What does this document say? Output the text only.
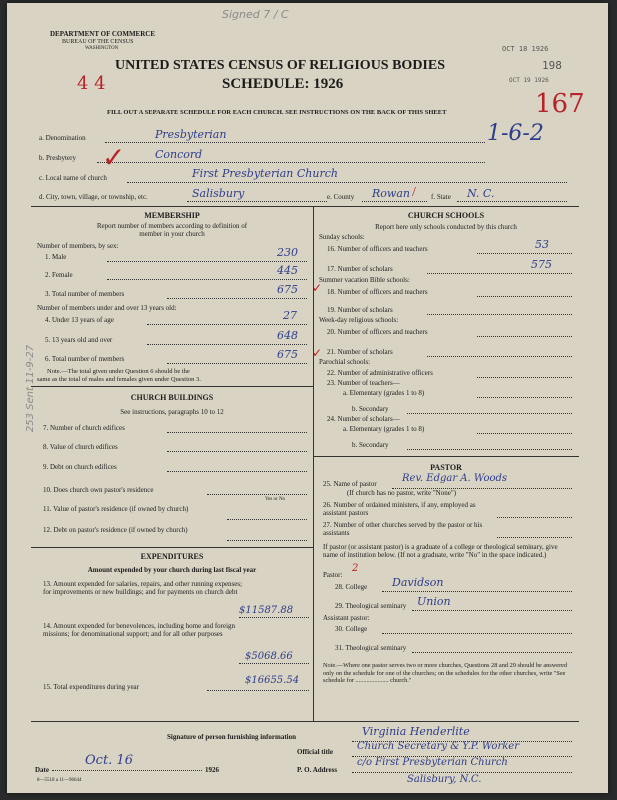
DEPARTMENT OF COMMERCE
BUREAU OF THE CENSUS
WASHINGTON
Signed 7 / C
OCT 18 1926
198
OCT 19 1926
UNITED STATES CENSUS OF RELIGIOUS BODIES
SCHEDULE: 1926
4 4
167
FILL OUT A SEPARATE SCHEDULE FOR EACH CHURCH. SEE INSTRUCTIONS ON THE BACK OF THIS SHEET
a. Denomination	Presbyterian	1-6-2
b. Presbytery	Concord
✓
c. Local name of church	First Presbyterian Church
d. City, town, village, or township, etc.	Salisbury	e. County Rowan / f. State N. C.
253 Sent 11-9-27
MEMBERSHIP
Report number of members according to definition of
member in your church
Number of members, by sex:
1. Male	230
2. Female	445
3. Total number of members	675 ✓
Number of members under and over 13 years old:
4. Under 13 years of age	27
5. 13 years old and over	648
6. Total number of members	675 ✓
Note.—The total given under Question 6 should be the
same as the total of males and females given under Question 3.
CHURCH BUILDINGS
See instructions, paragraphs 10 to 12
7. Number of church edifices
8. Value of church edifices
9. Debt on church edifices
10. Does church own pastor's residence
Yes or No
11. Value of pastor's residence (if owned by church)
12. Debt on pastor's residence (if owned by church)
EXPENDITURES
Amount expended by your church during last fiscal year
13. Amount expended for salaries, repairs, and other running expenses; for improvements or new buildings; and for payments on church debt
$11587.88
14. Amount expended for benevolences, including home and foreign missions; for denominational support; and for all other purposes
$5068.66
15. Total expenditures during year
$16655.54
CHURCH SCHOOLS
Report here only schools conducted by this church
Sunday schools:
16. Number of officers and teachers	53
17. Number of scholars	575
Summer vacation Bible schools:
18. Number of officers and teachers
19. Number of scholars
Week-day religious schools:
20. Number of officers and teachers
21. Number of scholars
Parochial schools:
22. Number of administrative officers
23. Number of teachers—
a. Elementary (grades 1 to 8)
b. Secondary
24. Number of scholars—
a. Elementary (grades 1 to 8)
b. Secondary
PASTOR
25. Name of pastor	Rev. Edgar A. Woods
(If church has no pastor, write "None")
26. Number of ordained ministers, if any, employed as assistant pastors
27. Number of other churches served by the pastor or his assistants
If pastor (or assistant pastor) is a graduate of a college or theological seminary, give name of institution below. (If not a graduate, write "No" in the space indicated.)
Pastor:
2
28. College Davidson
29. Theological seminary Union
Assistant pastor:
30. College
31. Theological seminary
Note.—Where one pastor serves two or more churches, Questions 28 and 29 should be answered only on the schedule for one of the churches; on the schedules for the other churches, write "See schedule for ..................... church."
Signature of person furnishing information	Virginia Henderlite
Official title Church Secretary & Y.P. Worker
Date
Oct. 16
1926	P. O. Address
c/o First Presbyterian Church
Salisbury, N.C.
8—5518 a 11—96644
